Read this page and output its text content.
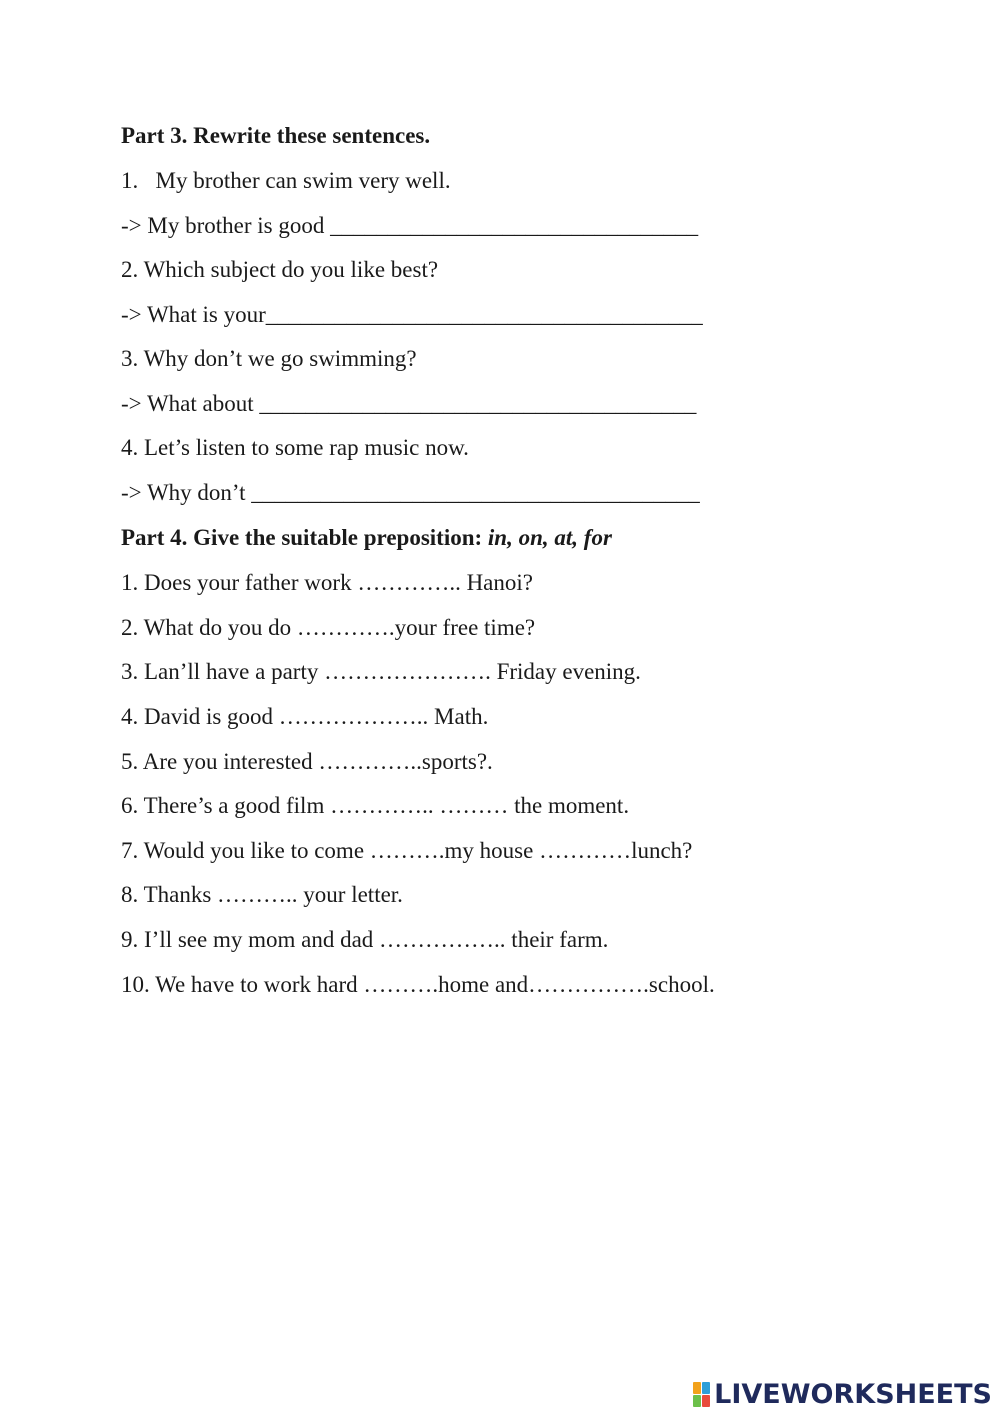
Part 3. Rewrite these sentences.
1.   My brother can swim very well.
-> My brother is good ________________________________
2. Which subject do you like best?
-> What is your______________________________________
3. Why don’t we go swimming?
-> What about ______________________________________
4. Let’s listen to some rap music now.
-> Why don’t _______________________________________
Part 4. Give the suitable preposition: in, on, at, for
1. Does your father work ………….. Hanoi?
2. What do you do ………….your free time?
3. Lan’ll have a party …………………. Friday evening.
4. David is good ……………….. Math.
5. Are you interested …………..sports?.
6. There’s a good film ………….. ……… the moment.
7. Would you like to come ……….my house …………lunch?
8. Thanks ……….. your letter.
9. I’ll see my mom and dad …………….. their farm.
10. We have to work hard ……….home and…………….school.
LIVEWORKSHEETS
